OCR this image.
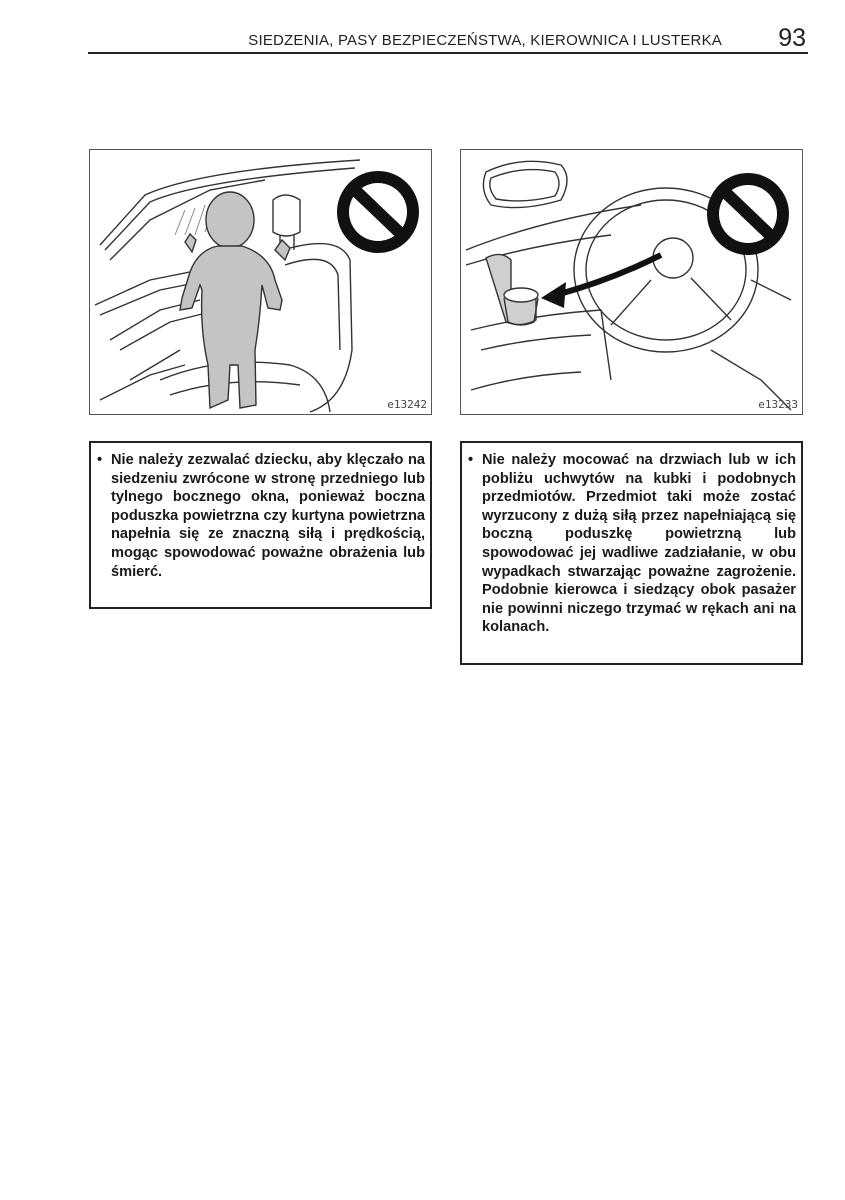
SIEDZENIA, PASY BEZPIECZEŃSTWA, KIEROWNICA I LUSTERKA 93
e13242	e13233
• Nie należy zezwalać dziecku, aby klęczało na siedzeniu zwrócone w stronę przedniego lub tylnego bocznego okna, ponieważ boczna poduszka powietrzna czy kurtyna powietrzna napełnia się ze znaczną siłą i prędkością, mogąc spowodować poważne obrażenia lub śmierć.
• Nie należy mocować na drzwiach lub w ich pobliżu uchwytów na kubki i podobnych przedmiotów. Przedmiot taki może zostać wyrzucony z dużą siłą przez napełniającą się boczną poduszkę powietrzną lub spowodować jej wadliwe zadziałanie, w obu wypadkach stwarzając poważne zagrożenie. Podobnie kierowca i siedzący obok pasażer nie powinni niczego trzymać w rękach ani na kolanach.
